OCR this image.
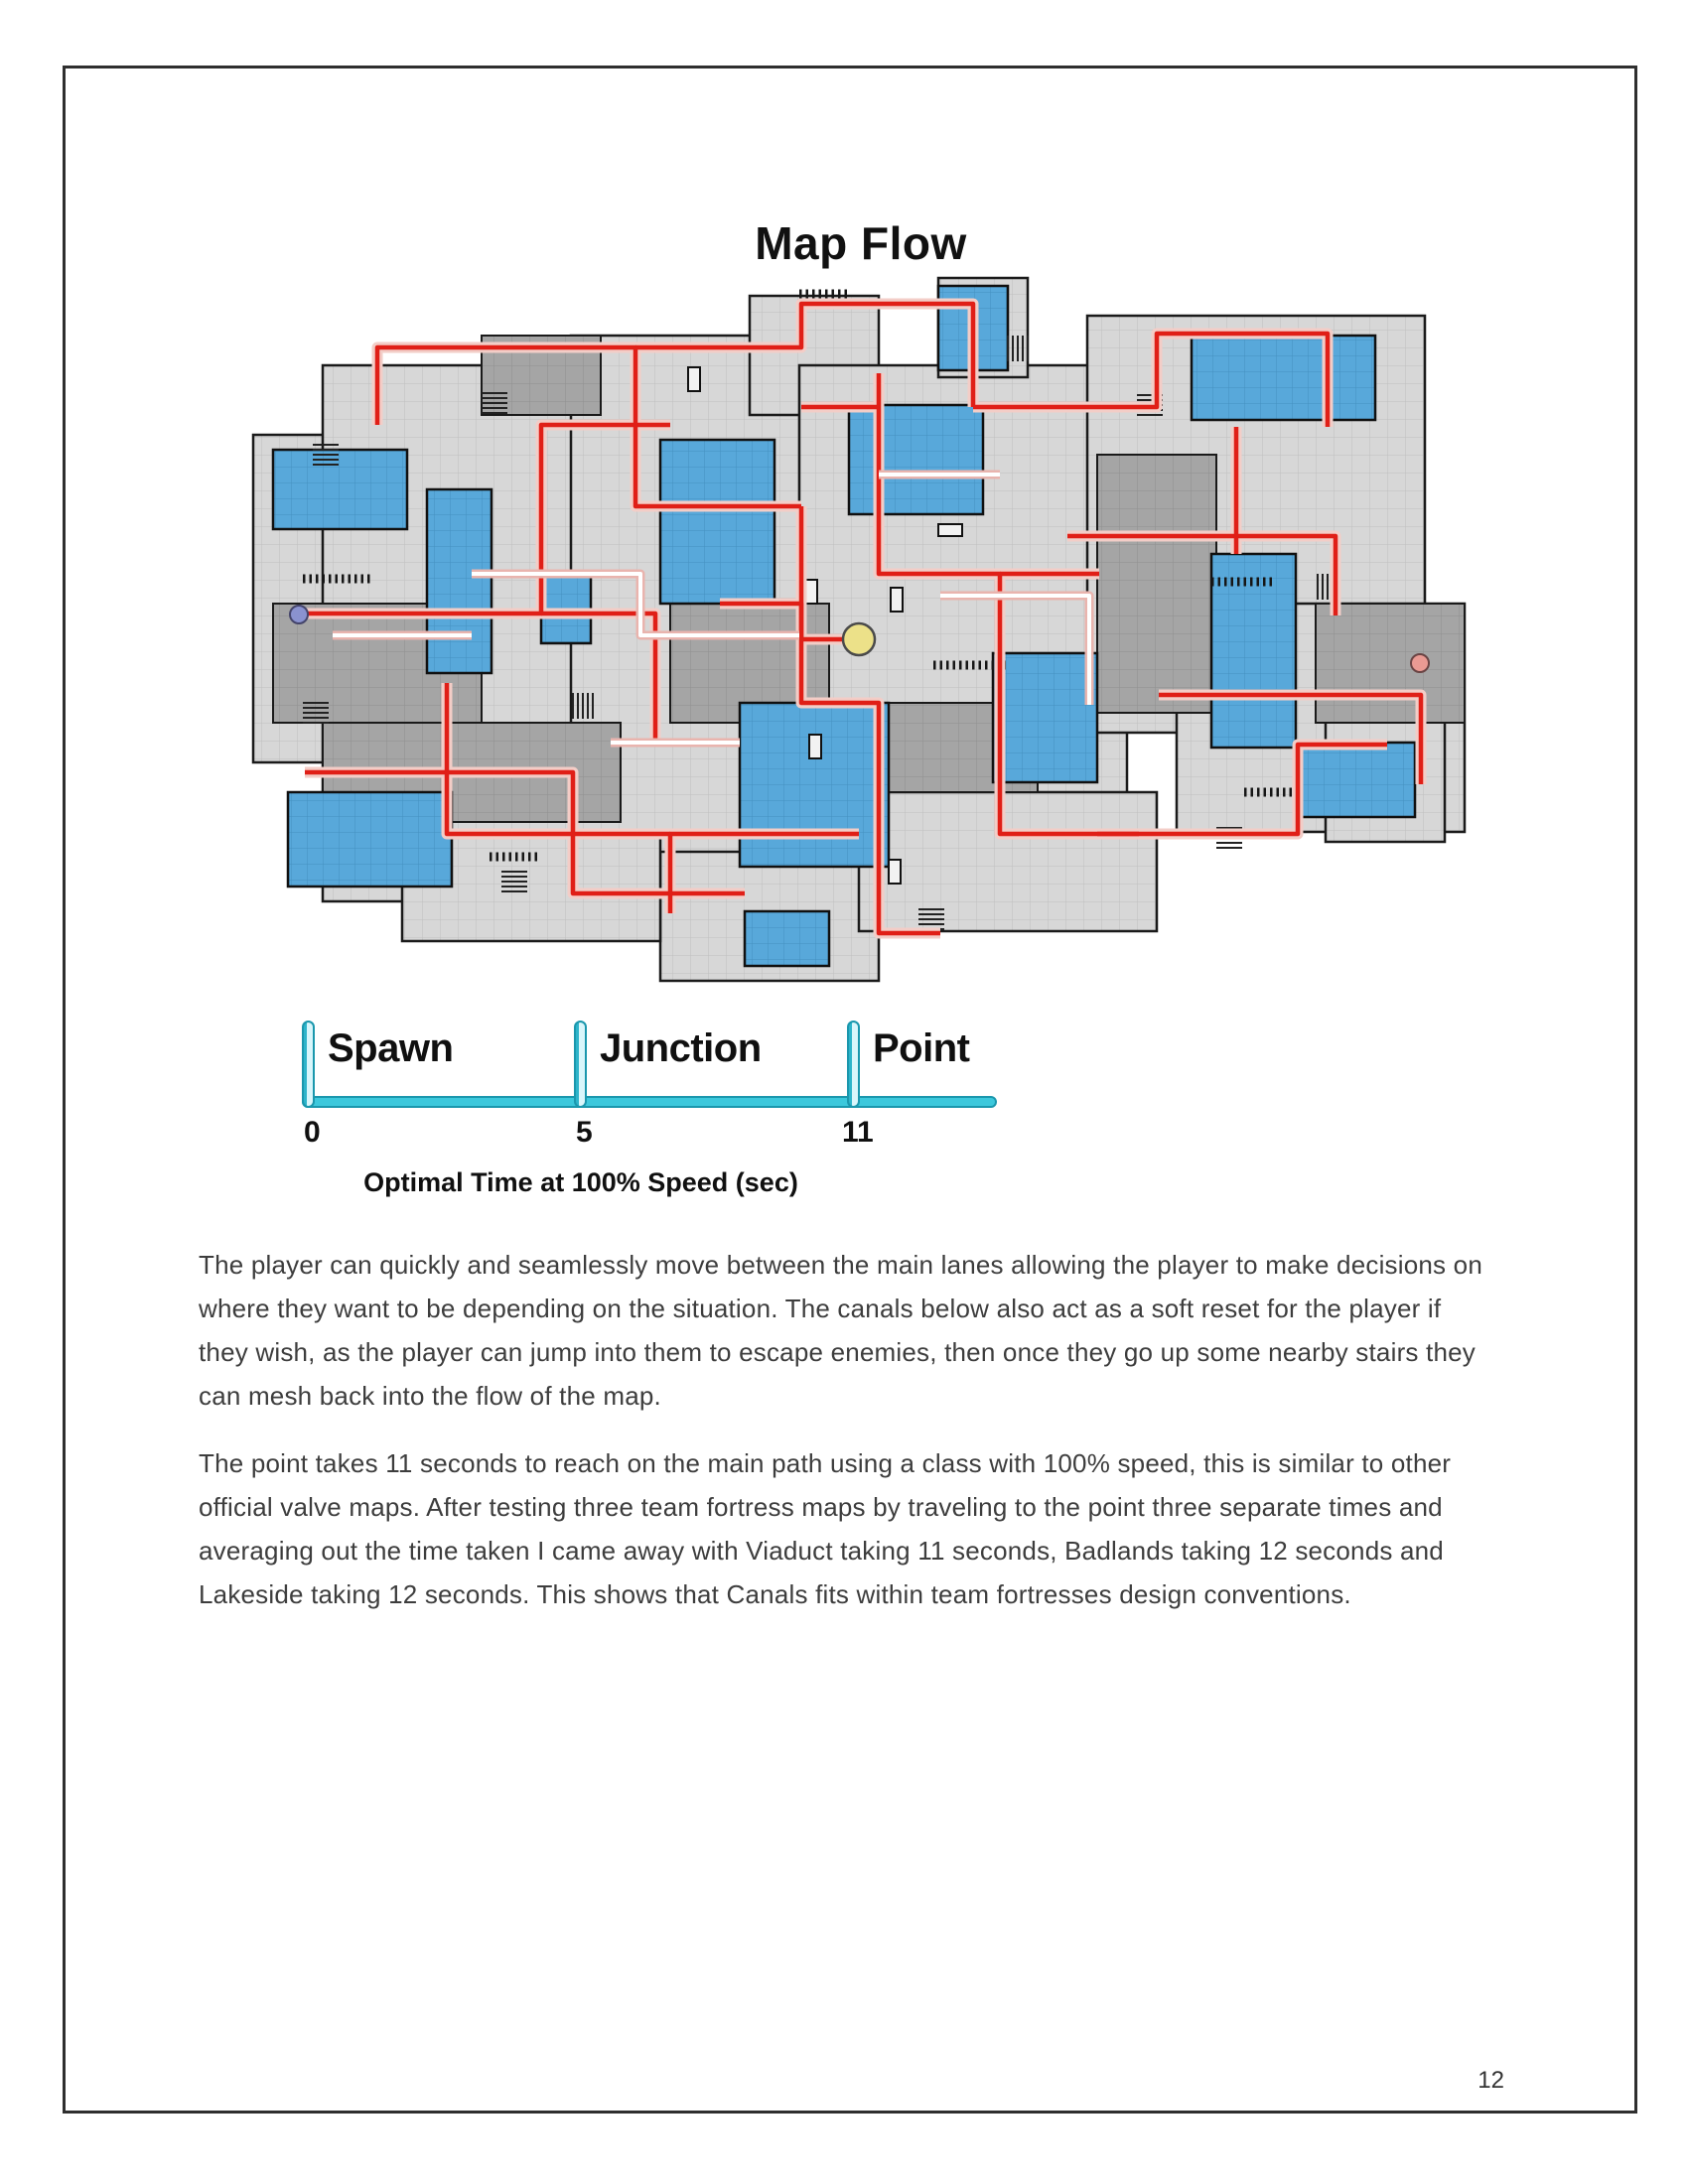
Map Flow
Spawn	Junction	Point
0	5	11
Optimal Time at 100% Speed (sec)

The player can quickly and seamlessly move between the main lanes allowing the player to make decisions on where they want to be depending on the situation. The canals below also act as a soft reset for the player if they wish, as the player can jump into them to escape enemies, then once they go up some nearby stairs they can mesh back into the flow of the map.

The point takes 11 seconds to reach on the main path using a class with 100% speed, this is similar to other official valve maps. After testing three team fortress maps by traveling to the point three separate times and averaging out the time taken I came away with Viaduct taking 11 seconds, Badlands taking 12 seconds and Lakeside taking 12 seconds. This shows that Canals fits within team fortresses design conventions.

12
